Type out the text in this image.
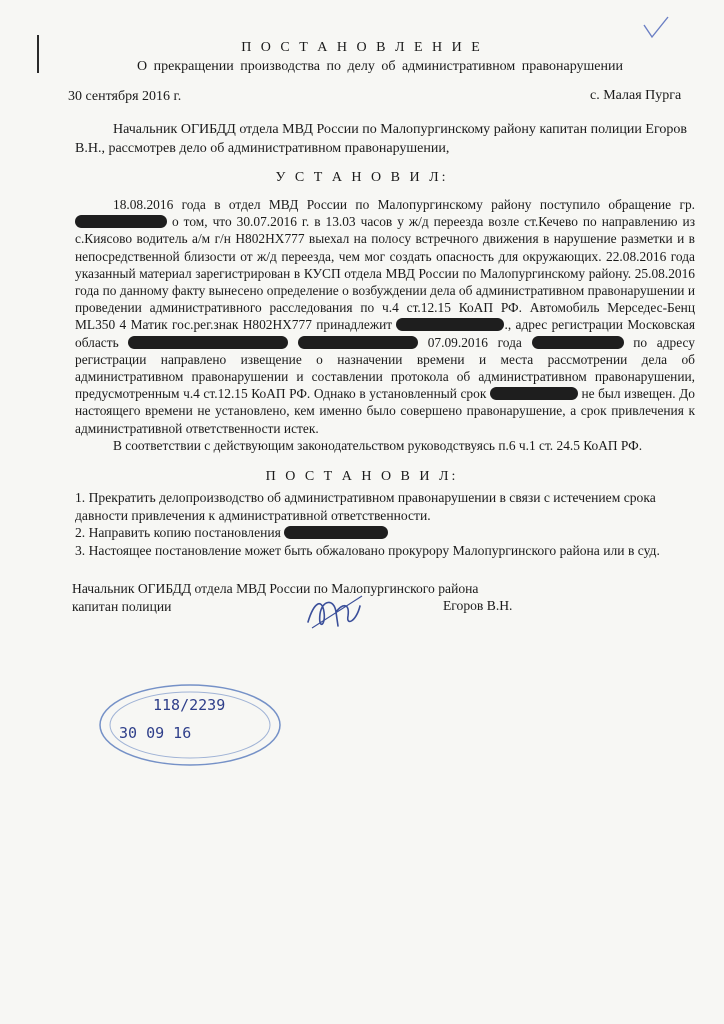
П О С Т А Н О В Л Е Н И Е
О прекращении производства по делу об административном правонарушении
30 сентября 2016 г.	с. Малая Пурга
Начальник ОГИБДД отдела МВД России по Малопургинскому району капитан полиции Егоров В.Н., рассмотрев дело об административном правонарушении,
У С Т А Н О В И Л:

18.08.2016 года в отдел МВД России по Малопургинскому району поступило обращение гр.  о том, что 30.07.2016 г. в 13.03 часов у ж/д переезда возле ст.Кечево по направлению из с.Киясово водитель а/м г/н Н802НХ777 выехал на полосу встречного движения в нарушение разметки и в непосредственной близости от ж/д переезда, чем мог создать опасность для окружающих. 22.08.2016 года указанный материал зарегистрирован в КУСП отдела МВД России по Малопургинскому району. 25.08.2016 года по данному факту вынесено определение о возбуждении дела об административном правонарушении и проведении административного расследования по ч.4 ст.12.15 КоАП РФ. Автомобиль Мерседес-Бенц ML350 4 Матик гос.рег.знак Н802НХ777 принадлежит	., адрес регистрации Московская область	07.09.2016 года	по адресу регистрации направлено извещение о назначении времени и места рассмотрении дела об административном правонарушении и составлении протокола об административном правонарушении, предусмотренным ч.4 ст.12.15 КоАП РФ. Однако в установленный срок	не был извещен. До настоящего времени не установлено, кем именно было совершено правонарушение, а срок привлечения к административной ответственности истек.

В соответствии с действующим законодательством руководствуясь п.6 ч.1 ст. 24.5 КоАП РФ.

П О С Т А Н О В И Л:

1. Прекратить делопроизводство об административном правонарушении в связи с истечением срока давности привлечения к административной ответственности.

2. Направить копию постановления

3. Настоящее постановление может быть обжаловано прокурору Малопургинского района или в суд.

Начальник ОГИБДД отдела МВД России по Малопургинского района
капитан полиции	Егоров В.Н.
118/2239
30 09 16
